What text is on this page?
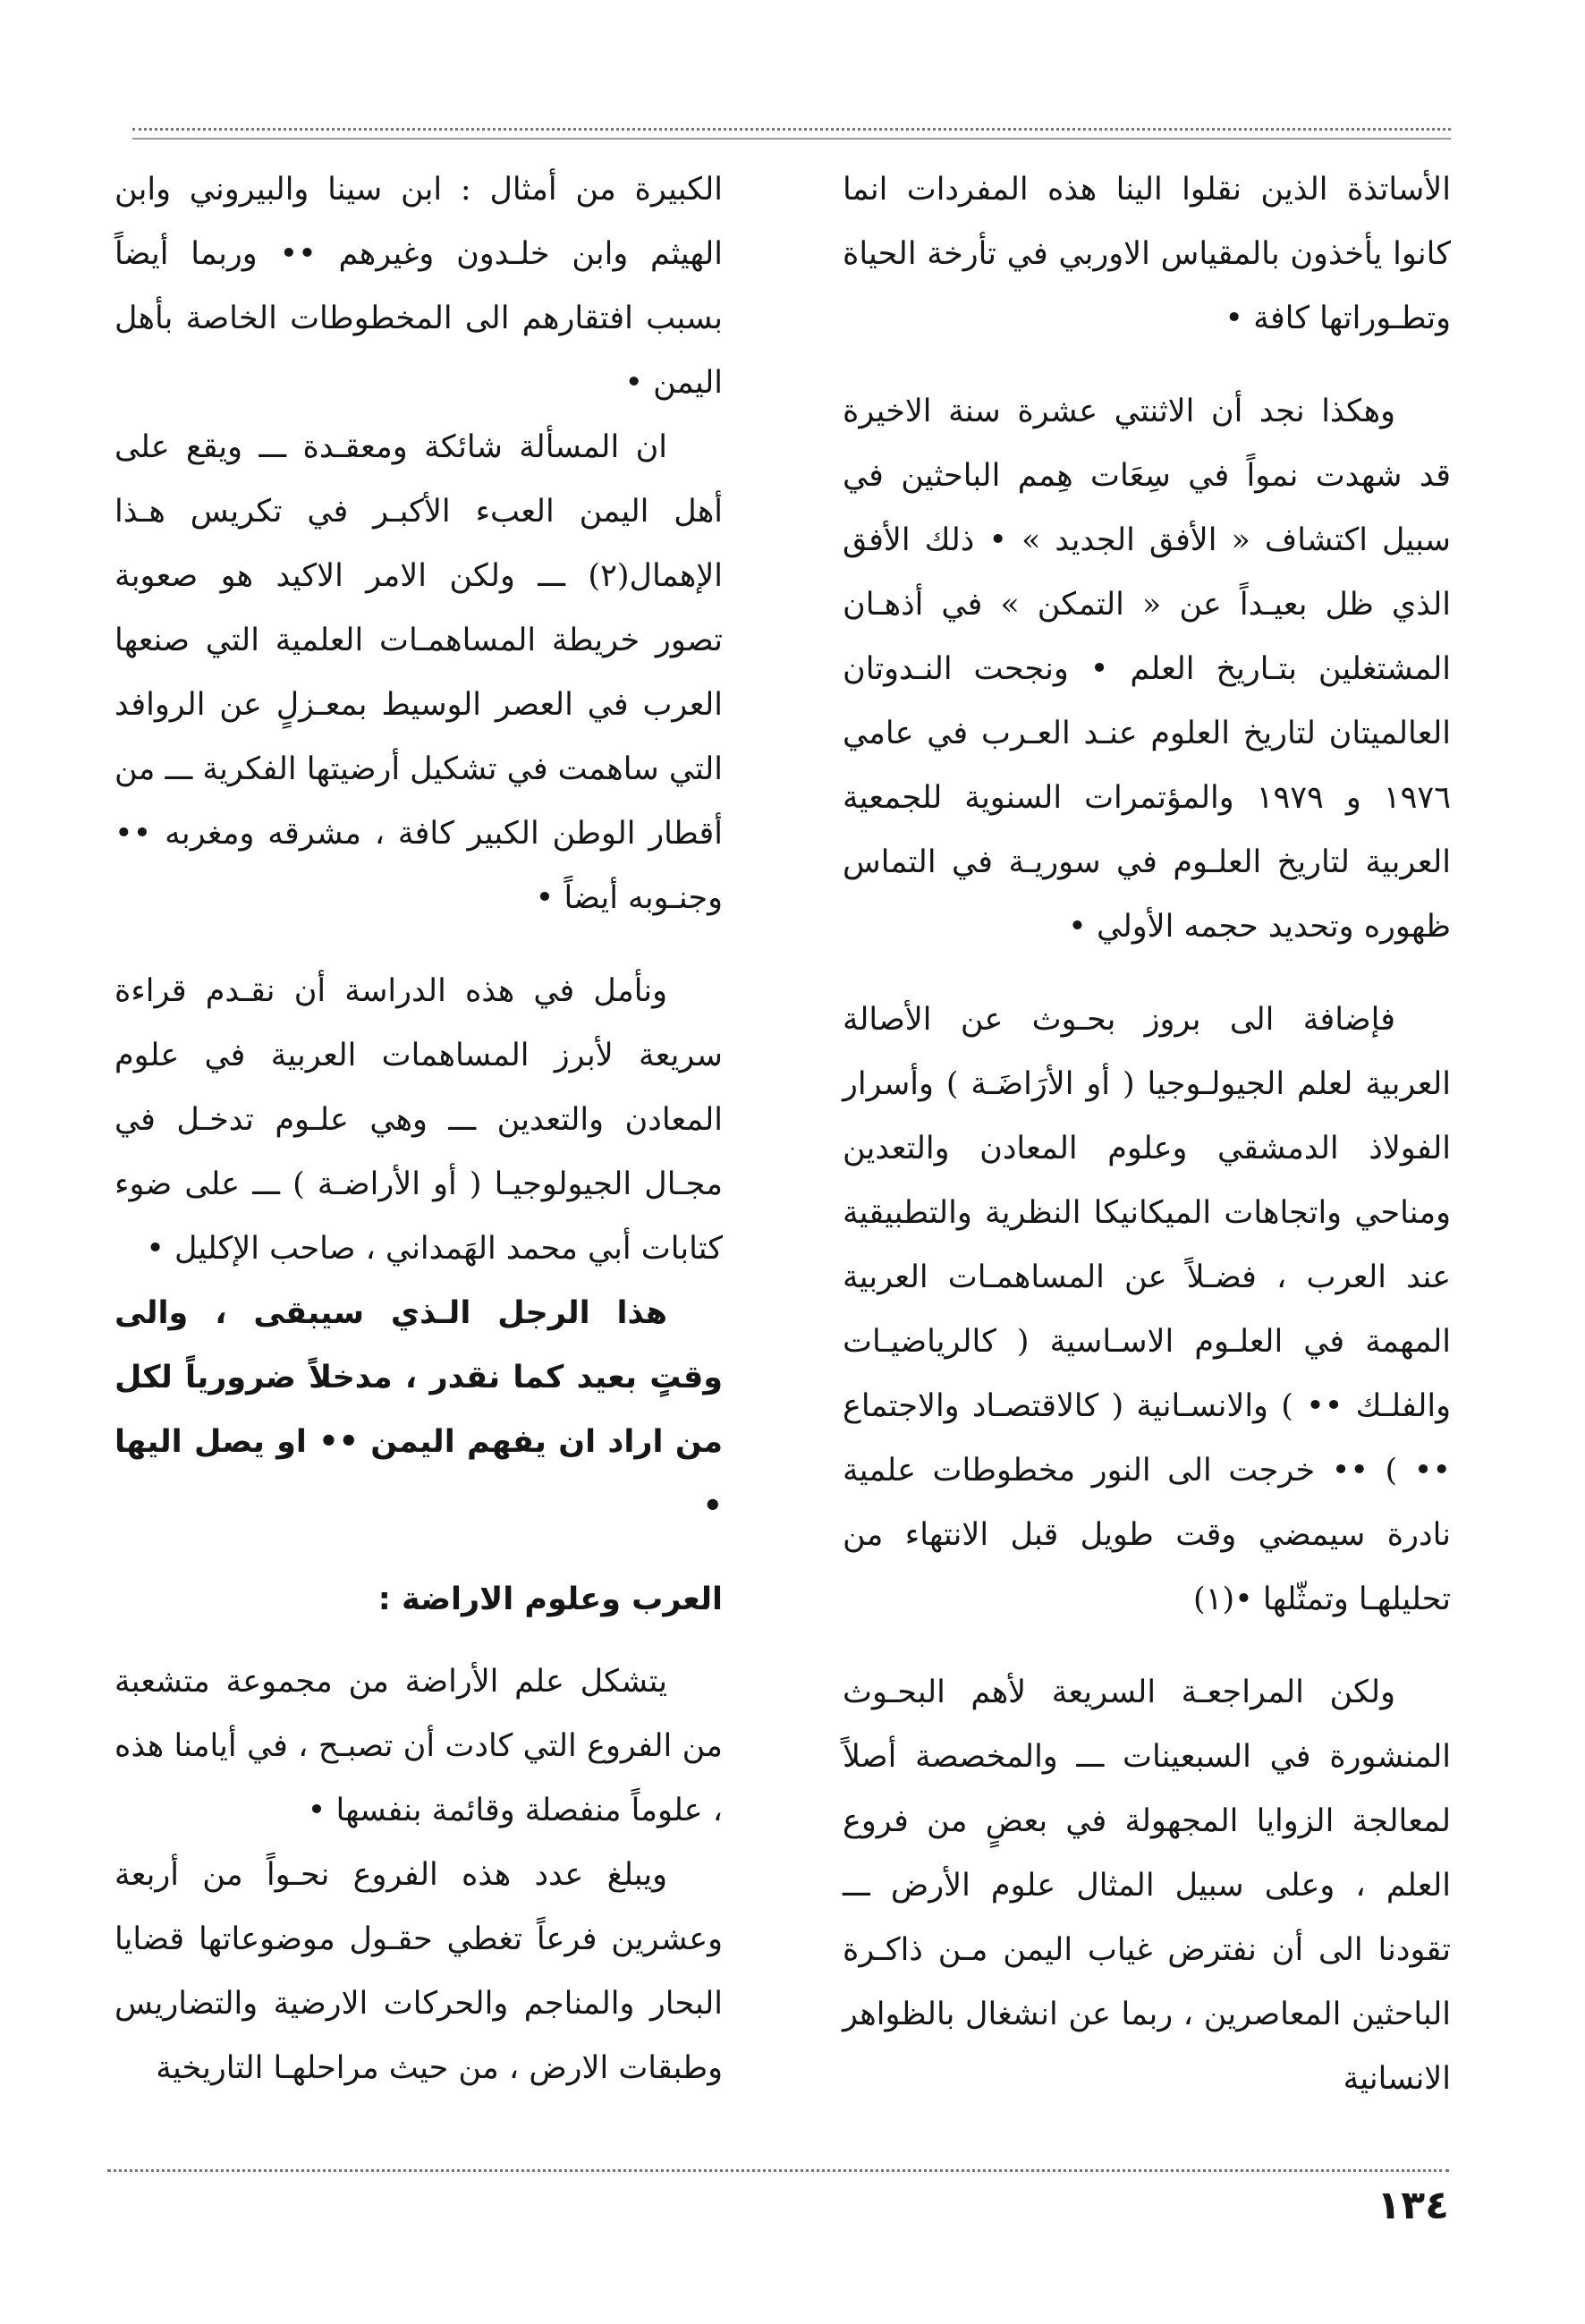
الأساتذة الذين نقلوا الينا هذه المفردات انما كانوا يأخذون بالمقياس الاوربي في تأرخة الحياة وتطـوراتها كافة •

وهكذا نجد أن الاثنتي عشرة سنة الاخيرة قد شهدت نمواً في سِعَات هِمم الباحثين في سبيل اكتشاف « الأفق الجديد » • ذلك الأفق الذي ظل بعيـداً عن « التمكن » في أذهـان المشتغلين بتـاريخ العلم • ونجحت النـدوتان العالميتان لتاريخ العلوم عنـد العـرب في عامي ١٩٧٦ و ١٩٧٩ والمؤتمرات السنوية للجمعية العربية لتاريخ العلـوم في سوريـة في التماس ظهوره وتحديد حجمه الأولي •

فإضافة الى بروز بحـوث عن الأصالة العربية لعلم الجيولـوجيا ( أو الأرَاضَـة ) وأسرار الفولاذ الدمشقي وعلوم المعادن والتعدين ومناحي واتجاهات الميكانيكا النظرية والتطبيقية عند العرب ، فضـلاً عن المساهمـات العربية المهمة في العلـوم الاسـاسية ( كالرياضيـات والفلـك •• ) والانسـانية ( كالاقتصـاد والاجتماع •• ) •• خرجت الى النور مخطوطات علمية نادرة سيمضي وقت طويل قبل الانتهاء من تحليلهـا وتمثّلها •(١)

ولكن المراجعـة السريعة لأهم البحـوث المنشورة في السبعينات ـــ والمخصصة أصلاً لمعالجة الزوايا المجهولة في بعضٍ من فروع العلم ، وعلى سبيل المثال علوم الأرض ـــ تقودنا الى أن نفترض غياب اليمن مـن ذاكـرة الباحثين المعاصرين ، ربما عن انشغال بالظواهر الانسانية

الكبيرة من أمثال : ابن سينا والبيروني وابن الهيثم وابن خلـدون وغيرهم •• وربما أيضاً بسبب افتقارهم الى المخطوطات الخاصة بأهل اليمن •

ان المسألة شائكة ومعقـدة ـــ ويقع على أهل اليمن العبء الأكبـر في تكريس هـذا الإهمال(٢) ـــ ولكن الامر الاكيد هو صعوبة تصور خريطة المساهمـات العلمية التي صنعها العرب في العصر الوسيط بمعـزلٍ عن الروافد التي ساهمت في تشكيل أرضيتها الفكرية ـــ من أقطار الوطن الكبير كافة ، مشرقه ومغربه •• وجنـوبه أيضاً •

ونأمل في هذه الدراسة أن نقـدم قراءة سريعة لأبرز المساهمات العربية في علوم المعادن والتعدين ـــ وهي علـوم تدخـل في مجـال الجيولوجيـا ( أو الأراضـة ) ـــ على ضوء كتابات أبي محمد الهَمداني ، صاحب الإكليل •

هذا الرجل الـذي سيبقى ، والى وقتٍ بعيد كما نقدر ، مدخلاً ضرورياً لكل من اراد ان يفهم اليمن •• او يصل اليها •

العرب وعلوم الاراضة :

يتشكل علم الأراضة من مجموعة متشعبة من الفروع التي كادت أن تصبـح ، في أيامنا هذه ، علوماً منفصلة وقائمة بنفسها •

ويبلغ عدد هذه الفروع نحـواً من أربعة وعشرين فرعاً تغطي حقـول موضوعاتها قضايا البحار والمناجم والحركات الارضية والتضاريس وطبقات الارض ، من حيث مراحلهـا التاريخية

١٣٤
